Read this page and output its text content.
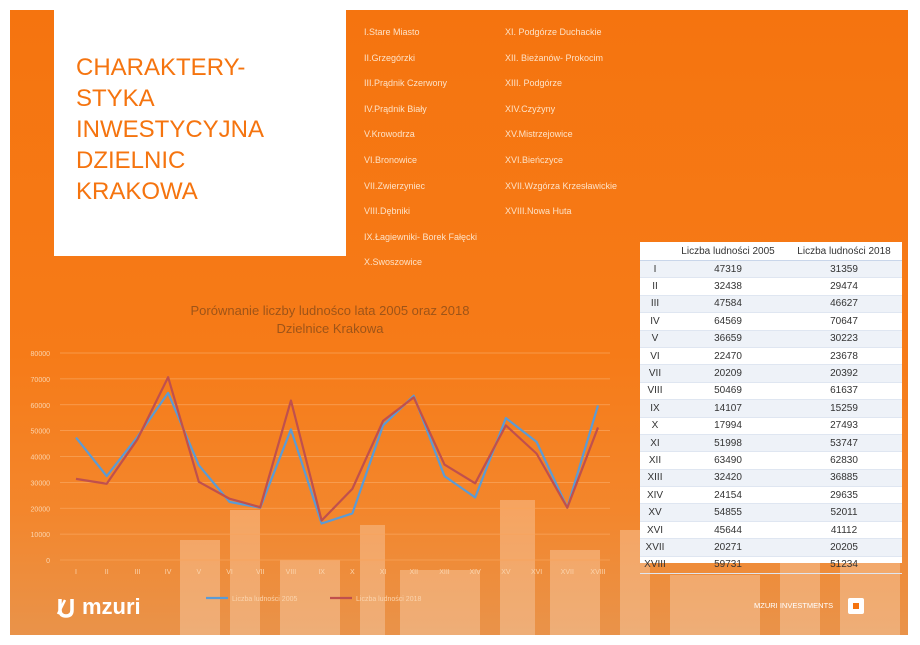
CHARAKTERY-
STYKA
INWESTYCYJNA
DZIELNIC
KRAKOWA
I.Stare Miasto
II.Grzegórzki
III.Prądnik Czerwony
IV.Prądnik Biały
V.Krowodrza
VI.Bronowice
VII.Zwierzyniec
VIII.Dębniki
IX.Łagiewniki- Borek Fałęcki
X.Swoszowice
XI. Podgórze Duchackie
XII. Bieżanów- Prokocim
XIII. Podgórze
XIV.Czyżyny
XV.Mistrzejowice
XVI.Bieńczyce
XVII.Wzgórza Krzesławickie
XVIII.Nowa Huta
	Liczba ludności 2005	Liczba ludności 2018
I	47319	31359
II	32438	29474
III	47584	46627
IV	64569	70647
V	36659	30223
VI	22470	23678
VII	20209	20392
VIII	50469	61637
IX	14107	15259
X	17994	27493
XI	51998	53747
XII	63490	62830
XIII	32420	36885
XIV	24154	29635
XV	54855	52011
XVI	45644	41112
XVII	20271	20205
XVIII	59731	51234
Porównanie liczby ludnośco lata 2005 oraz 2018
Dzielnice Krakowa
0
10000
20000
30000
40000
50000
60000
70000
80000
I	II	III	IV	V	VI	VII	VIII	IX	X	XI	XII	XIII	XIV	XV	XVI	XVII XVIII
Liczba ludności 2005	Liczba ludności 2018
mzuri	MZURI INVESTMENTS
